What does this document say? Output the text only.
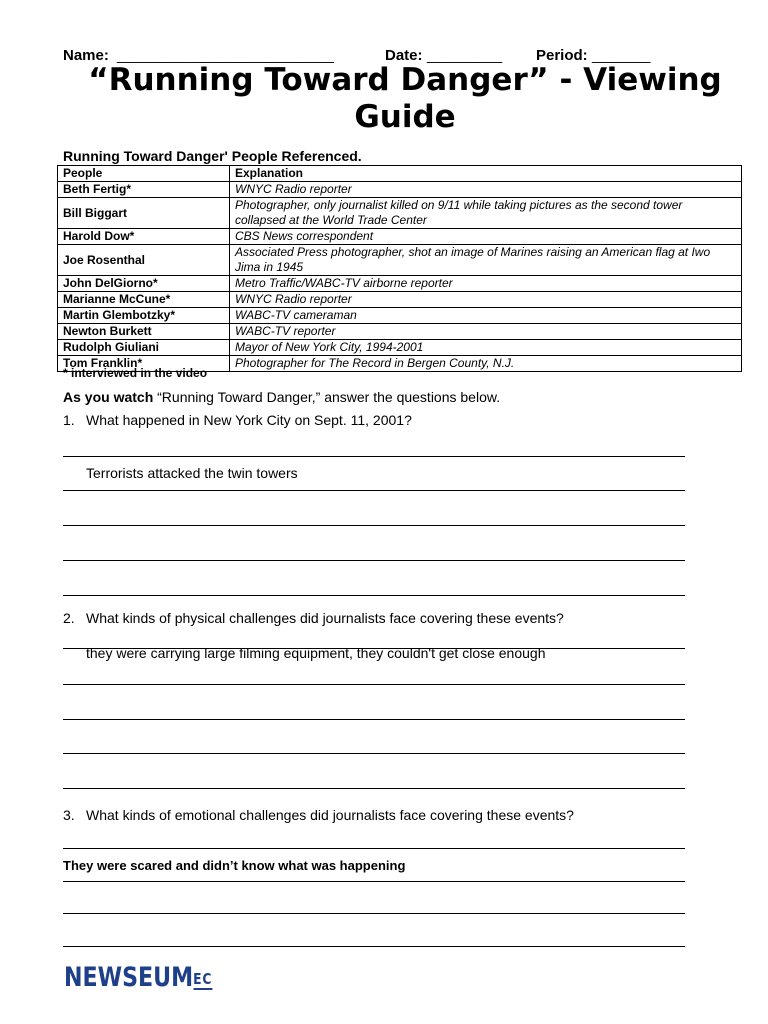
Name: __________________________	Date: _________ Period: _______
“Running Toward Danger” - Viewing Guide
Running Toward Danger' People Referenced.
People	Explanation
Beth Fertig*	WNYC Radio reporter
Bill Biggart	Photographer, only journalist killed on 9/11 while taking pictures as the second tower collapsed at the World Trade Center
Harold Dow*	CBS News correspondent
Joe Rosenthal	Associated Press photographer, shot an image of Marines raising an American flag at Iwo Jima in 1945
John DelGiorno*	Metro Traffic/WABC-TV airborne reporter
Marianne McCune*	WNYC Radio reporter
Martin Glembotzky*	WABC-TV cameraman
Newton Burkett	WABC-TV reporter
Rudolph Giuliani	Mayor of New York City, 1994-2001
Tom Franklin*	Photographer for The Record in Bergen County, N.J.
* interviewed in the video
As you watch “Running Toward Danger,” answer the questions below.
1. What happened in New York City on Sept. 11, 2001?
Terrorists attacked the twin towers
2. What kinds of physical challenges did journalists face covering these events?
they were carrying large filming equipment, they couldn't get close enough
3. What kinds of emotional challenges did journalists face covering these events?
They were scared and didn’t know what was happening
NEWSEUMEC
